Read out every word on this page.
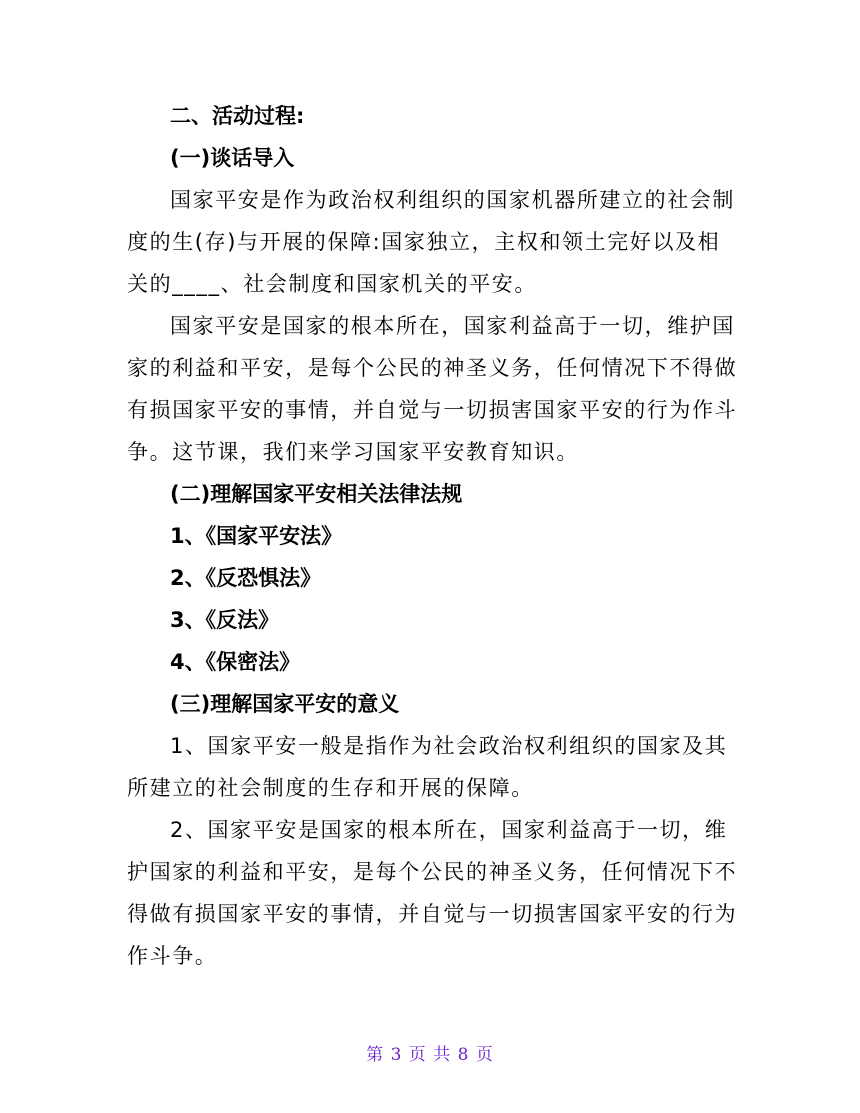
二、活动过程:
(一)谈话导入

国家平安是作为政治权利组织的国家机器所建立的社会制
度的生(存)与开展的保障:国家独立，主权和领土完好以及相
关的____、社会制度和国家机关的平安。

国家平安是国家的根本所在，国家利益高于一切，维护国
家的利益和平安，是每个公民的神圣义务，任何情况下不得做
有损国家平安的事情，并自觉与一切损害国家平安的行为作斗
争。这节课，我们来学习国家平安教育知识。

(二)理解国家平安相关法律法规
1、《国家平安法》
2、《反恐惧法》
3、《反法》
4、《保密法》
(三)理解国家平安的意义

1、国家平安一般是指作为社会政治权利组织的国家及其
所建立的社会制度的生存和开展的保障。

2、国家平安是国家的根本所在，国家利益高于一切，维
护国家的利益和平安，是每个公民的神圣义务，任何情况下不
得做有损国家平安的事情，并自觉与一切损害国家平安的行为
作斗争。

第 3 页 共 8 页
